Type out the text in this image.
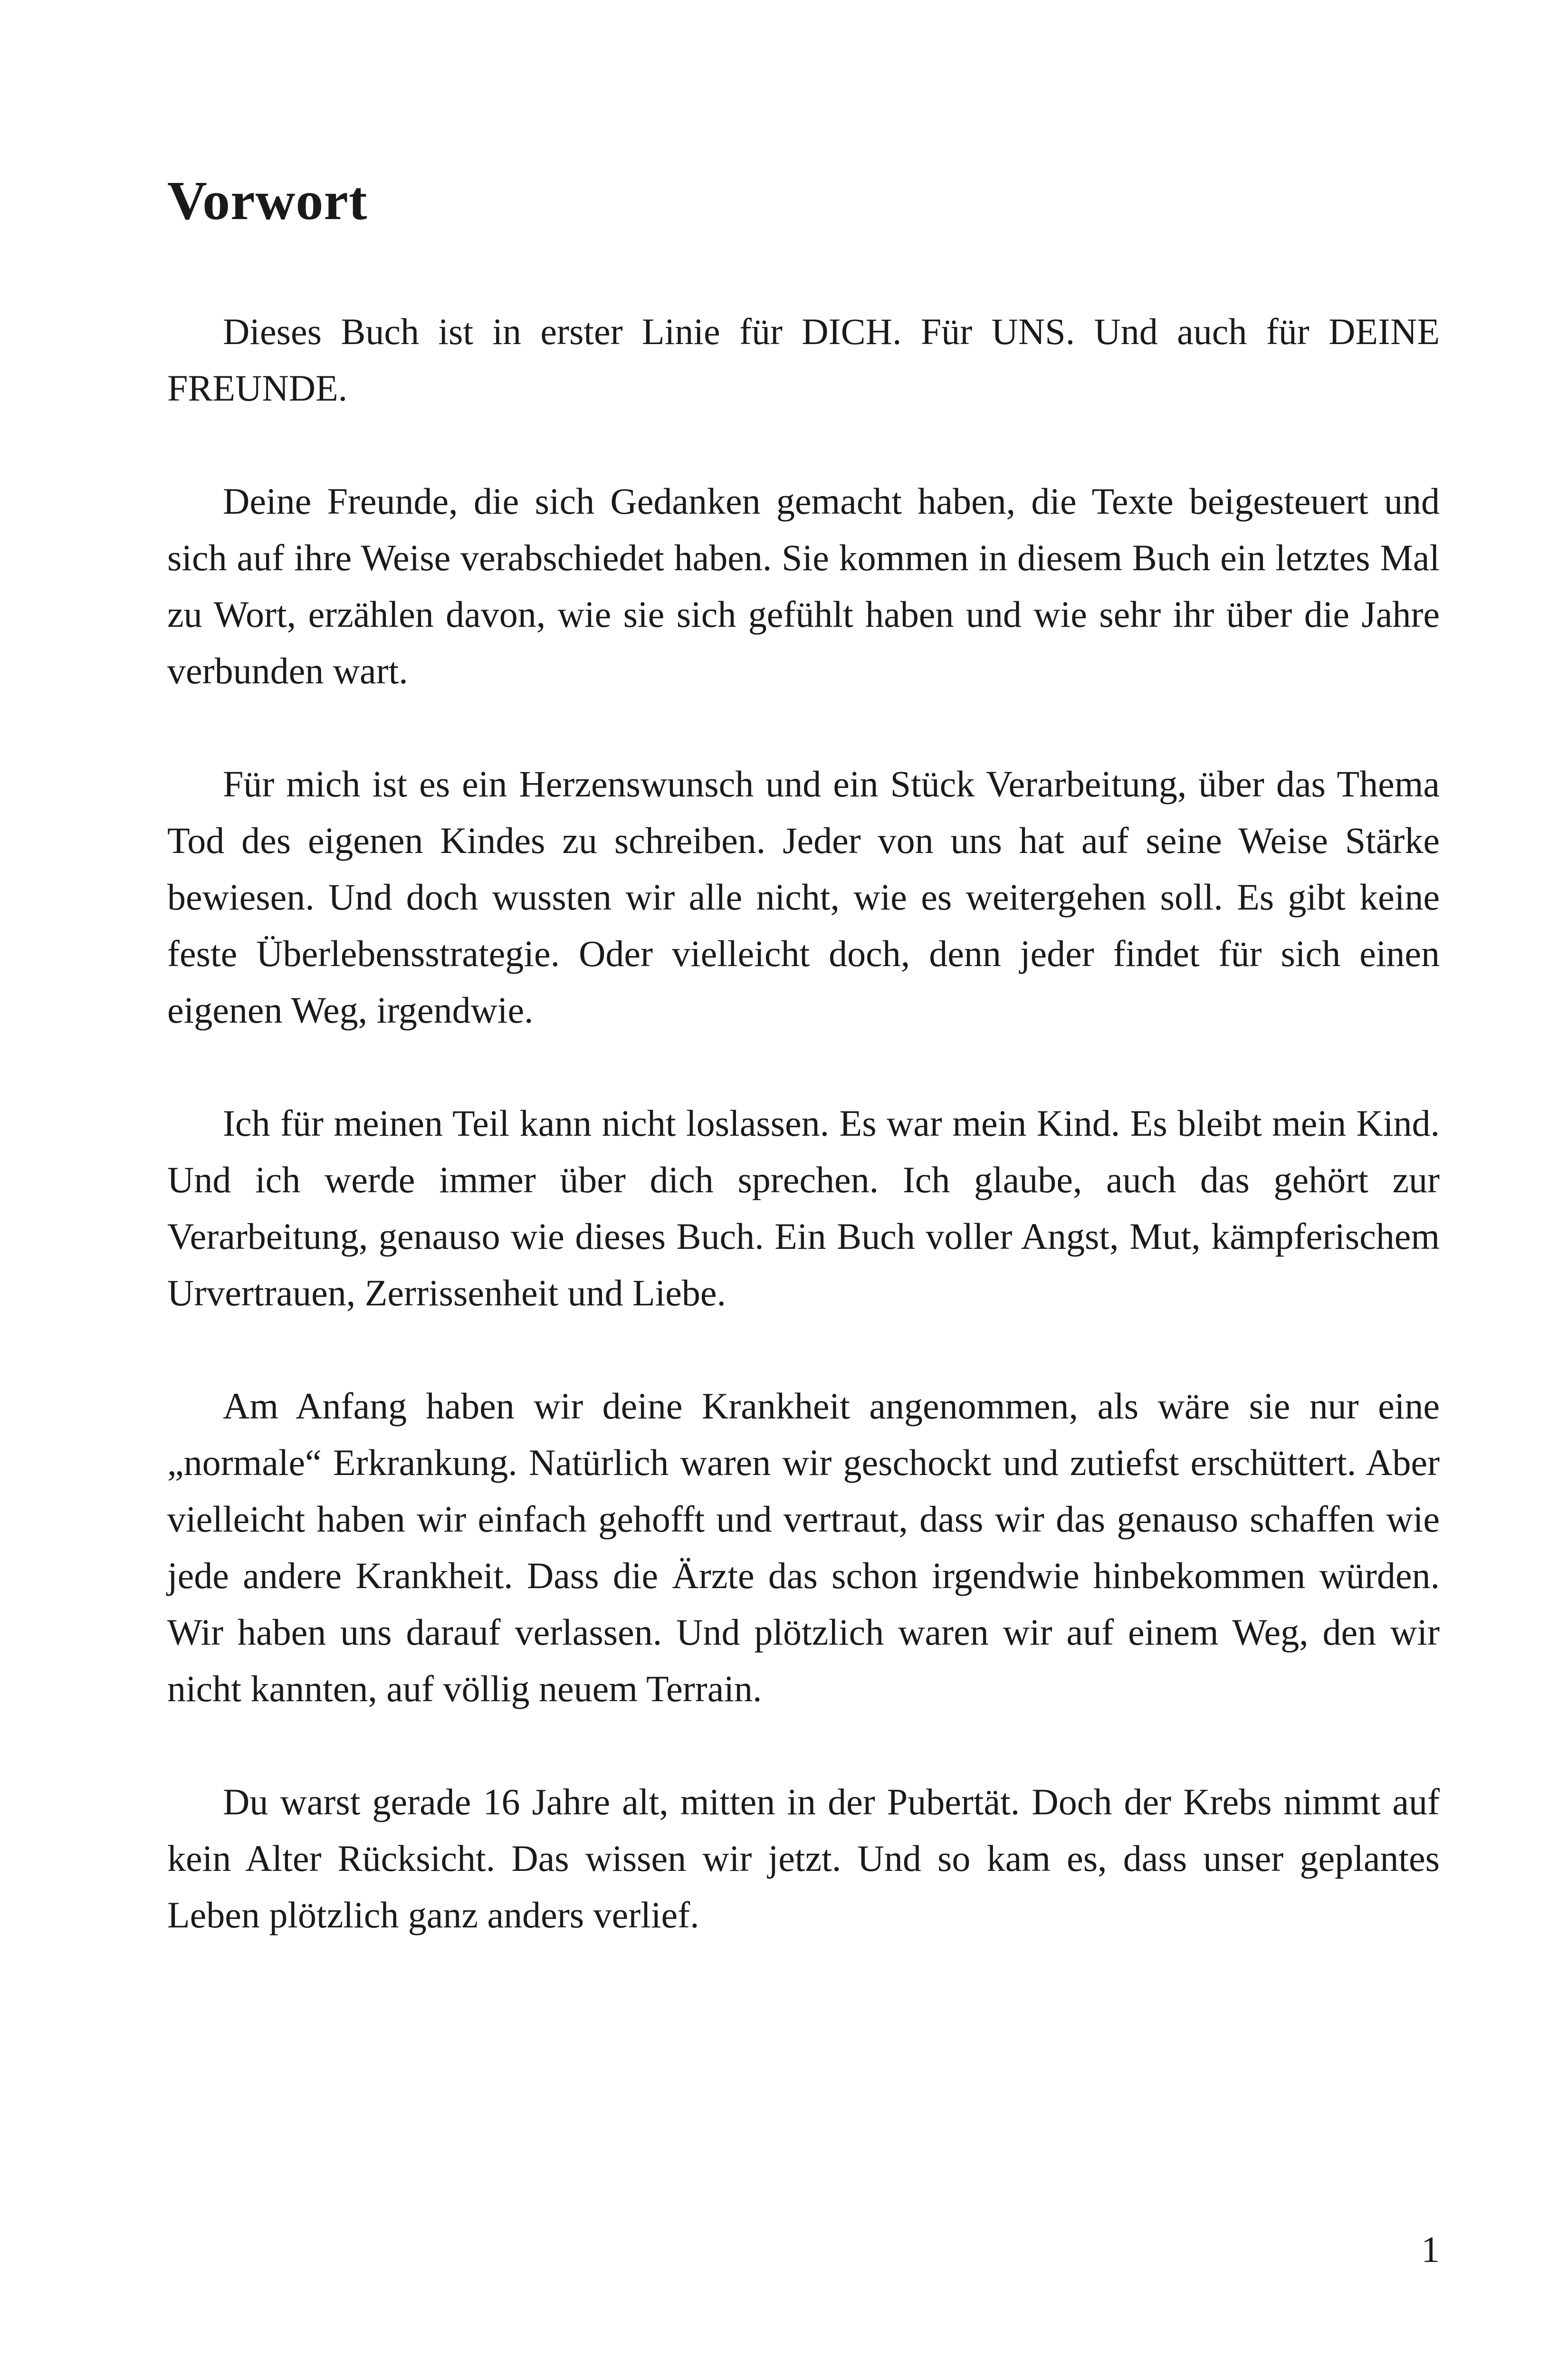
Vorwort

Dieses Buch ist in erster Linie für DICH. Für UNS. Und auch für DEINE FREUNDE.

Deine Freunde, die sich Gedanken gemacht haben, die Texte beigesteuert und sich auf ihre Weise verabschiedet haben. Sie kommen in diesem Buch ein letztes Mal zu Wort, erzählen davon, wie sie sich gefühlt haben und wie sehr ihr über die Jahre verbunden wart.

Für mich ist es ein Herzenswunsch und ein Stück Verarbeitung, über das Thema Tod des eigenen Kindes zu schreiben. Jeder von uns hat auf seine Weise Stärke bewiesen. Und doch wussten wir alle nicht, wie es weitergehen soll. Es gibt keine feste Überlebensstrategie. Oder vielleicht doch, denn jeder findet für sich einen eigenen Weg, irgendwie.

Ich für meinen Teil kann nicht loslassen. Es war mein Kind. Es bleibt mein Kind. Und ich werde immer über dich sprechen. Ich glaube, auch das gehört zur Verarbeitung, genauso wie dieses Buch. Ein Buch voller Angst, Mut, kämpferischem Urvertrauen, Zerrissenheit und Liebe.

Am Anfang haben wir deine Krankheit angenommen, als wäre sie nur eine „normale“ Erkrankung. Natürlich waren wir geschockt und zutiefst erschüttert. Aber vielleicht haben wir einfach gehofft und vertraut, dass wir das genauso schaffen wie jede andere Krankheit. Dass die Ärzte das schon irgendwie hinbekommen würden. Wir haben uns darauf verlassen. Und plötzlich waren wir auf einem Weg, den wir nicht kannten, auf völlig neuem Terrain.

Du warst gerade 16 Jahre alt, mitten in der Pubertät. Doch der Krebs nimmt auf kein Alter Rücksicht. Das wissen wir jetzt. Und so kam es, dass unser geplantes Leben plötzlich ganz anders verlief.

1
